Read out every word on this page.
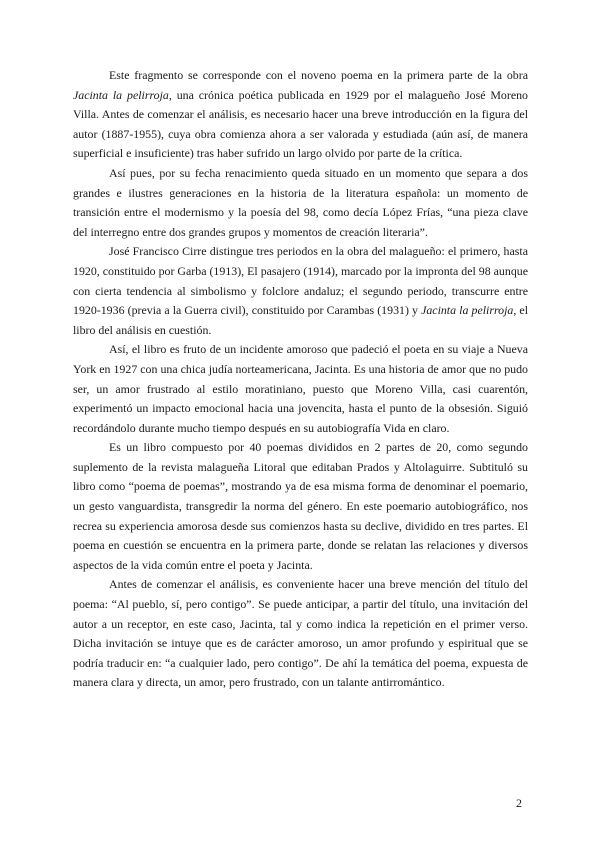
Este fragmento se corresponde con el noveno poema en la primera parte de la obra Jacinta la pelirroja, una crónica poética publicada en 1929 por el malagueño José Moreno Villa. Antes de comenzar el análisis, es necesario hacer una breve introducción en la figura del autor (1887-1955), cuya obra comienza ahora a ser valorada y estudiada (aún así, de manera superficial e insuficiente) tras haber sufrido un largo olvido por parte de la crítica.

Así pues, por su fecha renacimiento queda situado en un momento que separa a dos grandes e ilustres generaciones en la historia de la literatura española: un momento de transición entre el modernismo y la poesía del 98, como decía López Frías, “una pieza clave del interregno entre dos grandes grupos y momentos de creación literaria”.

José Francisco Cirre distingue tres periodos en la obra del malagueño: el primero, hasta 1920, constituido por Garba (1913), El pasajero (1914), marcado por la impronta del 98 aunque con cierta tendencia al simbolismo y folclore andaluz; el segundo periodo, transcurre entre 1920-1936 (previa a la Guerra civil), constituido por Carambas (1931) y Jacinta la pelirroja, el libro del análisis en cuestión.

Así, el libro es fruto de un incidente amoroso que padeció el poeta en su viaje a Nueva York en 1927 con una chica judía norteamericana, Jacinta. Es una historia de amor que no pudo ser, un amor frustrado al estilo moratiniano, puesto que Moreno Villa, casi cuarentón, experimentó un impacto emocional hacia una jovencita, hasta el punto de la obsesión. Siguió recordándolo durante mucho tiempo después en su autobiografía Vida en claro.

Es un libro compuesto por 40 poemas divididos en 2 partes de 20, como segundo suplemento de la revista malagueña Litoral que editaban Prados y Altolaguirre. Subtituló su libro como “poema de poemas”, mostrando ya de esa misma forma de denominar el poemario, un gesto vanguardista, transgredir la norma del género. En este poemario autobiográfico, nos recrea su experiencia amorosa desde sus comienzos hasta su declive, dividido en tres partes. El poema en cuestión se encuentra en la primera parte, donde se relatan las relaciones y diversos aspectos de la vida común entre el poeta y Jacinta.

Antes de comenzar el análisis, es conveniente hacer una breve mención del título del poema: “Al pueblo, sí, pero contigo”. Se puede anticipar, a partir del título, una invitación del autor a un receptor, en este caso, Jacinta, tal y como indica la repetición en el primer verso. Dicha invitación se intuye que es de carácter amoroso, un amor profundo y espiritual que se podría traducir en: “a cualquier lado, pero contigo”. De ahí la temática del poema, expuesta de manera clara y directa, un amor, pero frustrado, con un talante antirromántico.

2
